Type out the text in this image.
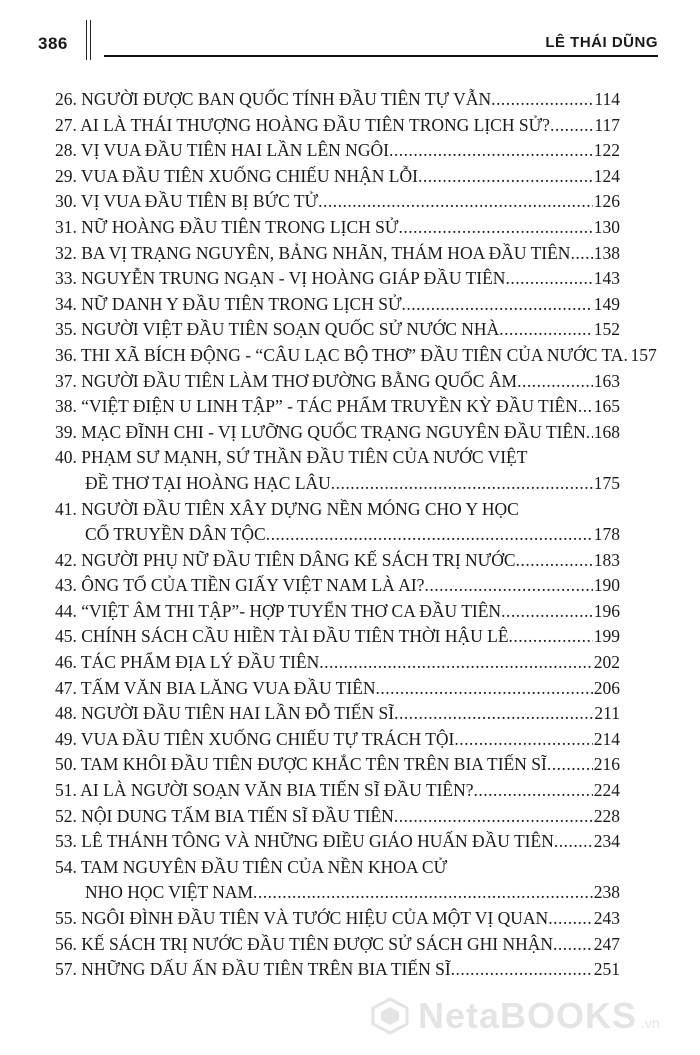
386	LÊ THÁI DŨNG
26. NGƯỜI ĐƯỢC BAN QUỐC TÍNH ĐẦU TIÊN TỰ VẪN .....	114
27. AI LÀ THÁI THƯỢNG HOÀNG ĐẦU TIÊN TRONG LỊCH SỬ? .....	117
28. VỊ VUA ĐẦU TIÊN HAI LẦN LÊN NGÔI .....	122
29. VUA ĐẦU TIÊN XUỐNG CHIẾU NHẬN LỖI .....	124
30. VỊ VUA ĐẦU TIÊN BỊ BỨC TỬ .....	126
31. NỮ HOÀNG ĐẦU TIÊN TRONG LỊCH SỬ .....	130
32. BA VỊ TRẠNG NGUYÊN, BẢNG NHÃN, THÁM HOA ĐẦU TIÊN ..... 138
33. NGUYỄN TRUNG NGẠN - VỊ HOÀNG GIÁP ĐẦU TIÊN .....	143
34. NỮ DANH Y ĐẦU TIÊN TRONG LỊCH SỬ .....	149
35. NGƯỜI VIỆT ĐẦU TIÊN SOẠN QUỐC SỬ NƯỚC NHÀ .....	152
36. THI XÃ BÍCH ĐỘNG - “CÂU LẠC BỘ THƠ” ĐẦU TIÊN CỦA NƯỚC TA ..... 157
37. NGƯỜI ĐẦU TIÊN LÀM THƠ ĐƯỜNG BẰNG QUỐC ÂM .....	163
38. “VIỆT ĐIỆN U LINH TẬP” - TÁC PHẨM TRUYỀN KỲ ĐẦU TIÊN ..... 165
39. MẠC ĐĨNH CHI - VỊ LƯỠNG QUỐC TRẠNG NGUYÊN ĐẦU TIÊN ..... 168
40. PHẠM SƯ MẠNH, SỨ THẦN ĐẦU TIÊN CỦA NƯỚC VIỆT
ĐỀ THƠ TẠI HOÀNG HẠC LÂU .....	175
41. NGƯỜI ĐẦU TIÊN XÂY DỰNG NỀN MÓNG CHO Y HỌC
CỔ TRUYỀN DÂN TỘC .....	178
42. NGƯỜI PHỤ NỮ ĐẦU TIÊN DÂNG KẾ SÁCH TRỊ NƯỚC .....	183
43. ÔNG TỔ CỦA TIỀN GIẤY VIỆT NAM LÀ AI? .....	190
44. “VIỆT ÂM THI TẬP”- HỢP TUYỂN THƠ CA ĐẦU TIÊN .....	196
45. CHÍNH SÁCH CẦU HIỀN TÀI ĐẦU TIÊN THỜI HẬU LÊ .....	199
46. TÁC PHẨM ĐỊA LÝ ĐẦU TIÊN .....	202
47. TẤM VĂN BIA LĂNG VUA ĐẦU TIÊN .....	206
48. NGƯỜI ĐẦU TIÊN HAI LẦN ĐỖ TIẾN SĨ .....	211
49. VUA ĐẦU TIÊN XUỐNG CHIẾU TỰ TRÁCH TỘI .....	214
50. TAM KHÔI ĐẦU TIÊN ĐƯỢC KHẮC TÊN TRÊN BIA TIẾN SĨ .....	216
51. AI LÀ NGƯỜI SOẠN VĂN BIA TIẾN SĨ ĐẦU TIÊN? .....	224
52. NỘI DUNG TẤM BIA TIẾN SĨ ĐẦU TIÊN .....	228
53. LÊ THÁNH TÔNG VÀ NHỮNG ĐIỀU GIÁO HUẤN ĐẦU TIÊN ..... 234
54. TAM NGUYÊN ĐẦU TIÊN CỦA NỀN KHOA CỬ
NHO HỌC VIỆT NAM .....	238
55. NGÔI ĐÌNH ĐẦU TIÊN VÀ TƯỚC HIỆU CỦA MỘT VỊ QUAN .....	243
56. KẾ SÁCH TRỊ NƯỚC ĐẦU TIÊN ĐƯỢC SỬ SÁCH GHI NHẬN ..... 247
57. NHỮNG DẤU ẤN ĐẦU TIÊN TRÊN BIA TIẾN SĨ .....	251
NetaBOOKS .vn
